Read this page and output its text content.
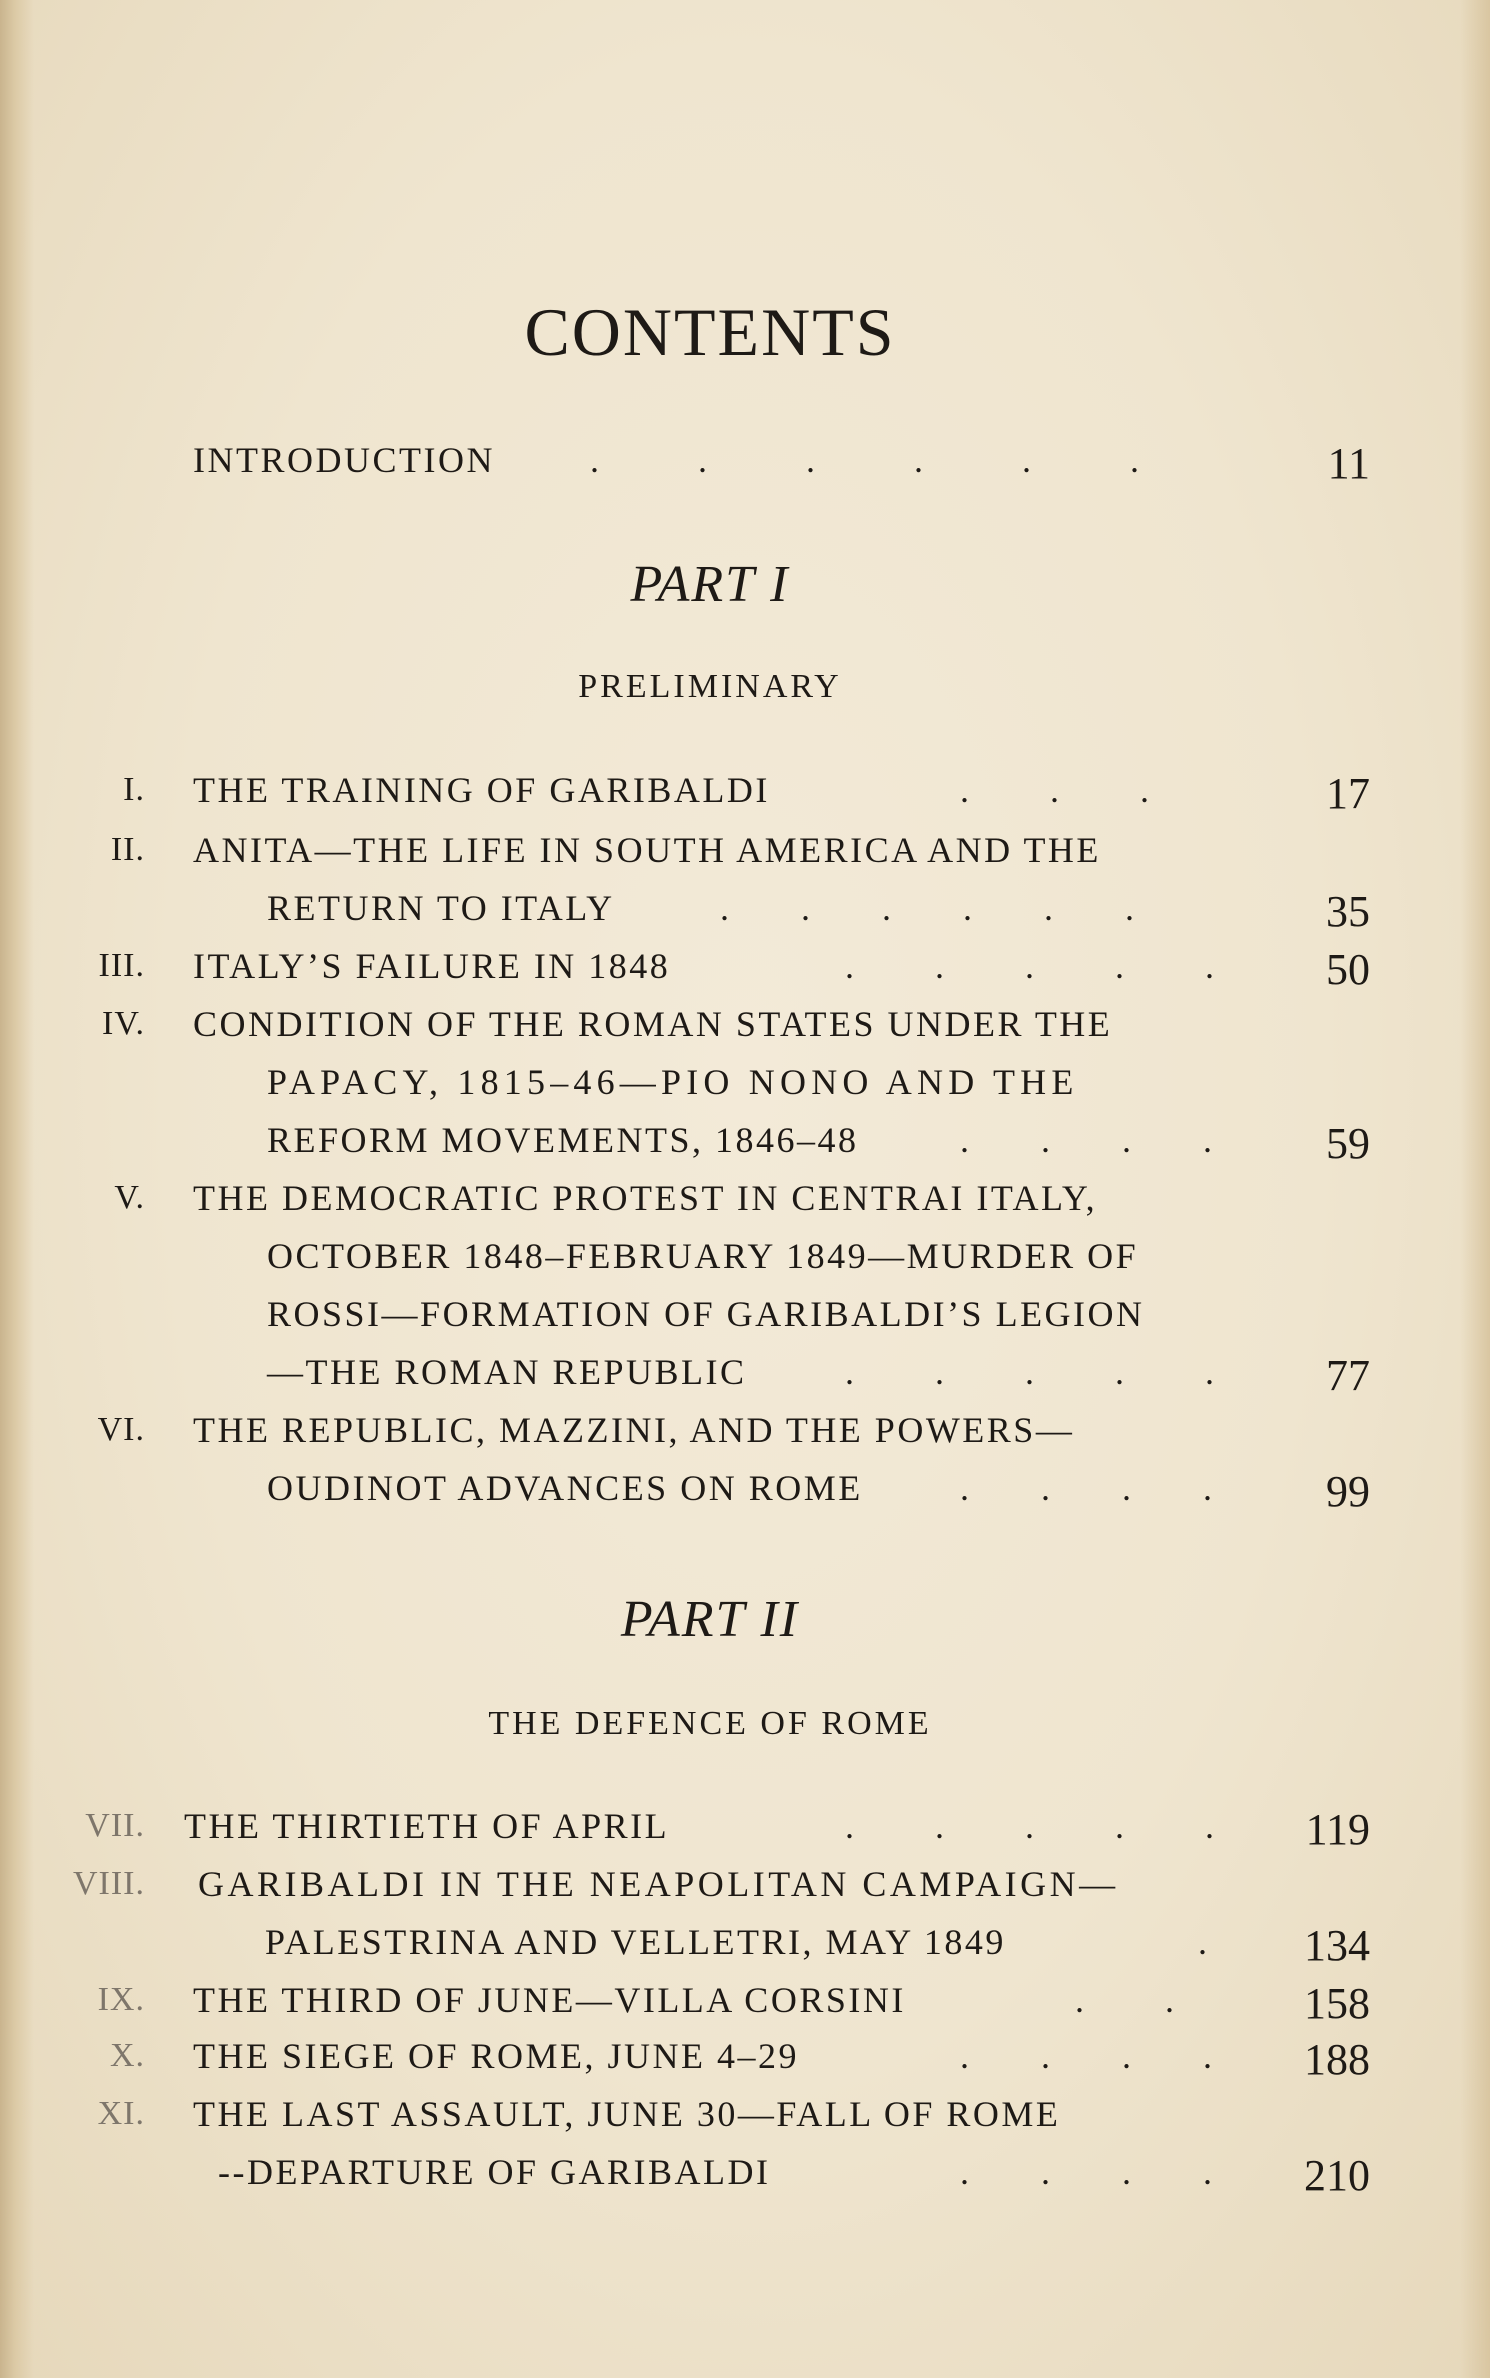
CONTENTS
INTRODUCTION	.           .           .           .           .           .	11
PART I
PRELIMINARY
I. THE TRAINING OF GARIBALDI	.         .         .	17
II. ANITA—THE LIFE IN SOUTH AMERICA AND THE
RETURN TO ITALY	.        .        .        .        .        .	35
III. ITALY’S FAILURE IN 1848	.         .         .         .         .	50
IV. CONDITION OF THE ROMAN STATES UNDER THE
PAPACY, 1815–46—PIO NONO AND THE
REFORM MOVEMENTS, 1846–48	.        .        .        .	59
V. THE DEMOCRATIC PROTEST IN CENTRAI ITALY,
OCTOBER 1848–FEBRUARY 1849—MURDER OF
ROSSI—FORMATION OF GARIBALDI’S LEGION
—THE ROMAN REPUBLIC	.         .         .         .         .	77
VI. THE REPUBLIC, MAZZINI, AND THE POWERS—
OUDINOT ADVANCES ON ROME	.        .        .        .	99
PART II
THE DEFENCE OF ROME
VII. THE THIRTIETH OF APRIL	.         .         .         .         .	119
VIII. GARIBALDI IN THE NEAPOLITAN CAMPAIGN—
PALESTRINA AND VELLETRI, MAY 1849	.	134
IX. THE THIRD OF JUNE—VILLA CORSINI	.         .	158
X. THE SIEGE OF ROME, JUNE 4–29	.        .        .        .	188
XI. THE LAST ASSAULT, JUNE 30—FALL OF ROME
--DEPARTURE OF GARIBALDI	.        .        .        .	210
